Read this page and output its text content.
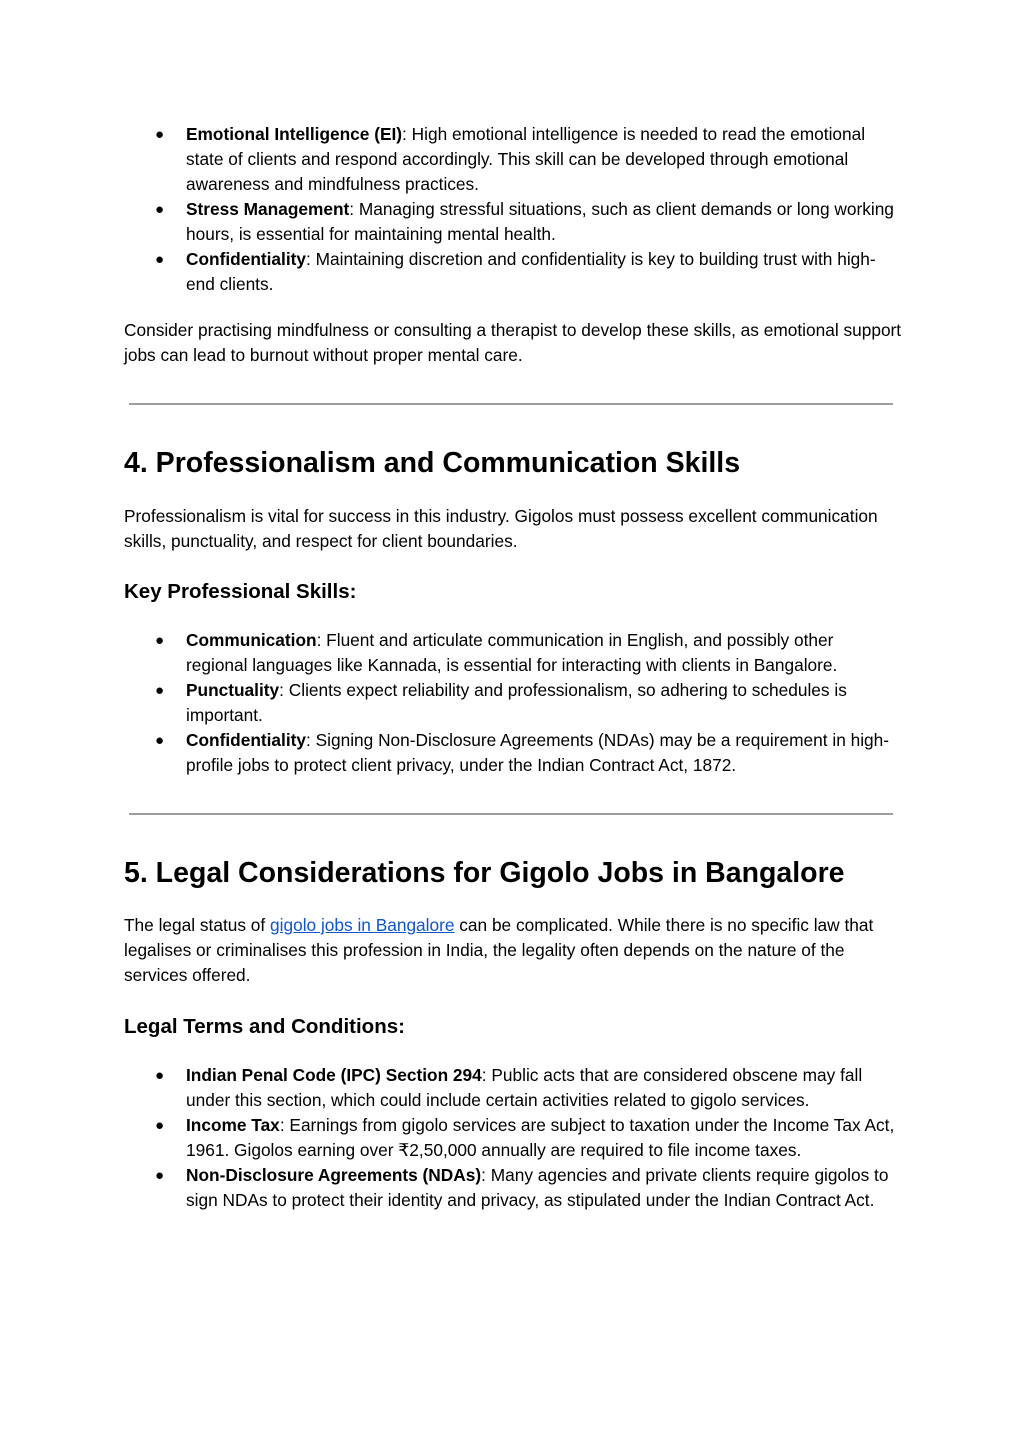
● Emotional Intelligence (EI): High emotional intelligence is needed to read the emotional state of clients and respond accordingly. This skill can be developed through emotional awareness and mindfulness practices.
● Stress Management: Managing stressful situations, such as client demands or long working hours, is essential for maintaining mental health.
● Confidentiality: Maintaining discretion and confidentiality is key to building trust with high-end clients.

Consider practising mindfulness or consulting a therapist to develop these skills, as emotional support jobs can lead to burnout without proper mental care.

4. Professionalism and Communication Skills

Professionalism is vital for success in this industry. Gigolos must possess excellent communication skills, punctuality, and respect for client boundaries.

Key Professional Skills:
● Communication: Fluent and articulate communication in English, and possibly other regional languages like Kannada, is essential for interacting with clients in Bangalore.
● Punctuality: Clients expect reliability and professionalism, so adhering to schedules is important.
● Confidentiality: Signing Non-Disclosure Agreements (NDAs) may be a requirement in high-profile jobs to protect client privacy, under the Indian Contract Act, 1872.
5. Legal Considerations for Gigolo Jobs in Bangalore

The legal status of gigolo jobs in Bangalore can be complicated. While there is no specific law that legalises or criminalises this profession in India, the legality often depends on the nature of the services offered.

Legal Terms and Conditions:
● Indian Penal Code (IPC) Section 294: Public acts that are considered obscene may fall under this section, which could include certain activities related to gigolo services.
● Income Tax: Earnings from gigolo services are subject to taxation under the Income Tax Act, 1961. Gigolos earning over ₹2,50,000 annually are required to file income taxes.
● Non-Disclosure Agreements (NDAs): Many agencies and private clients require gigolos to sign NDAs to protect their identity and privacy, as stipulated under the Indian Contract Act.
